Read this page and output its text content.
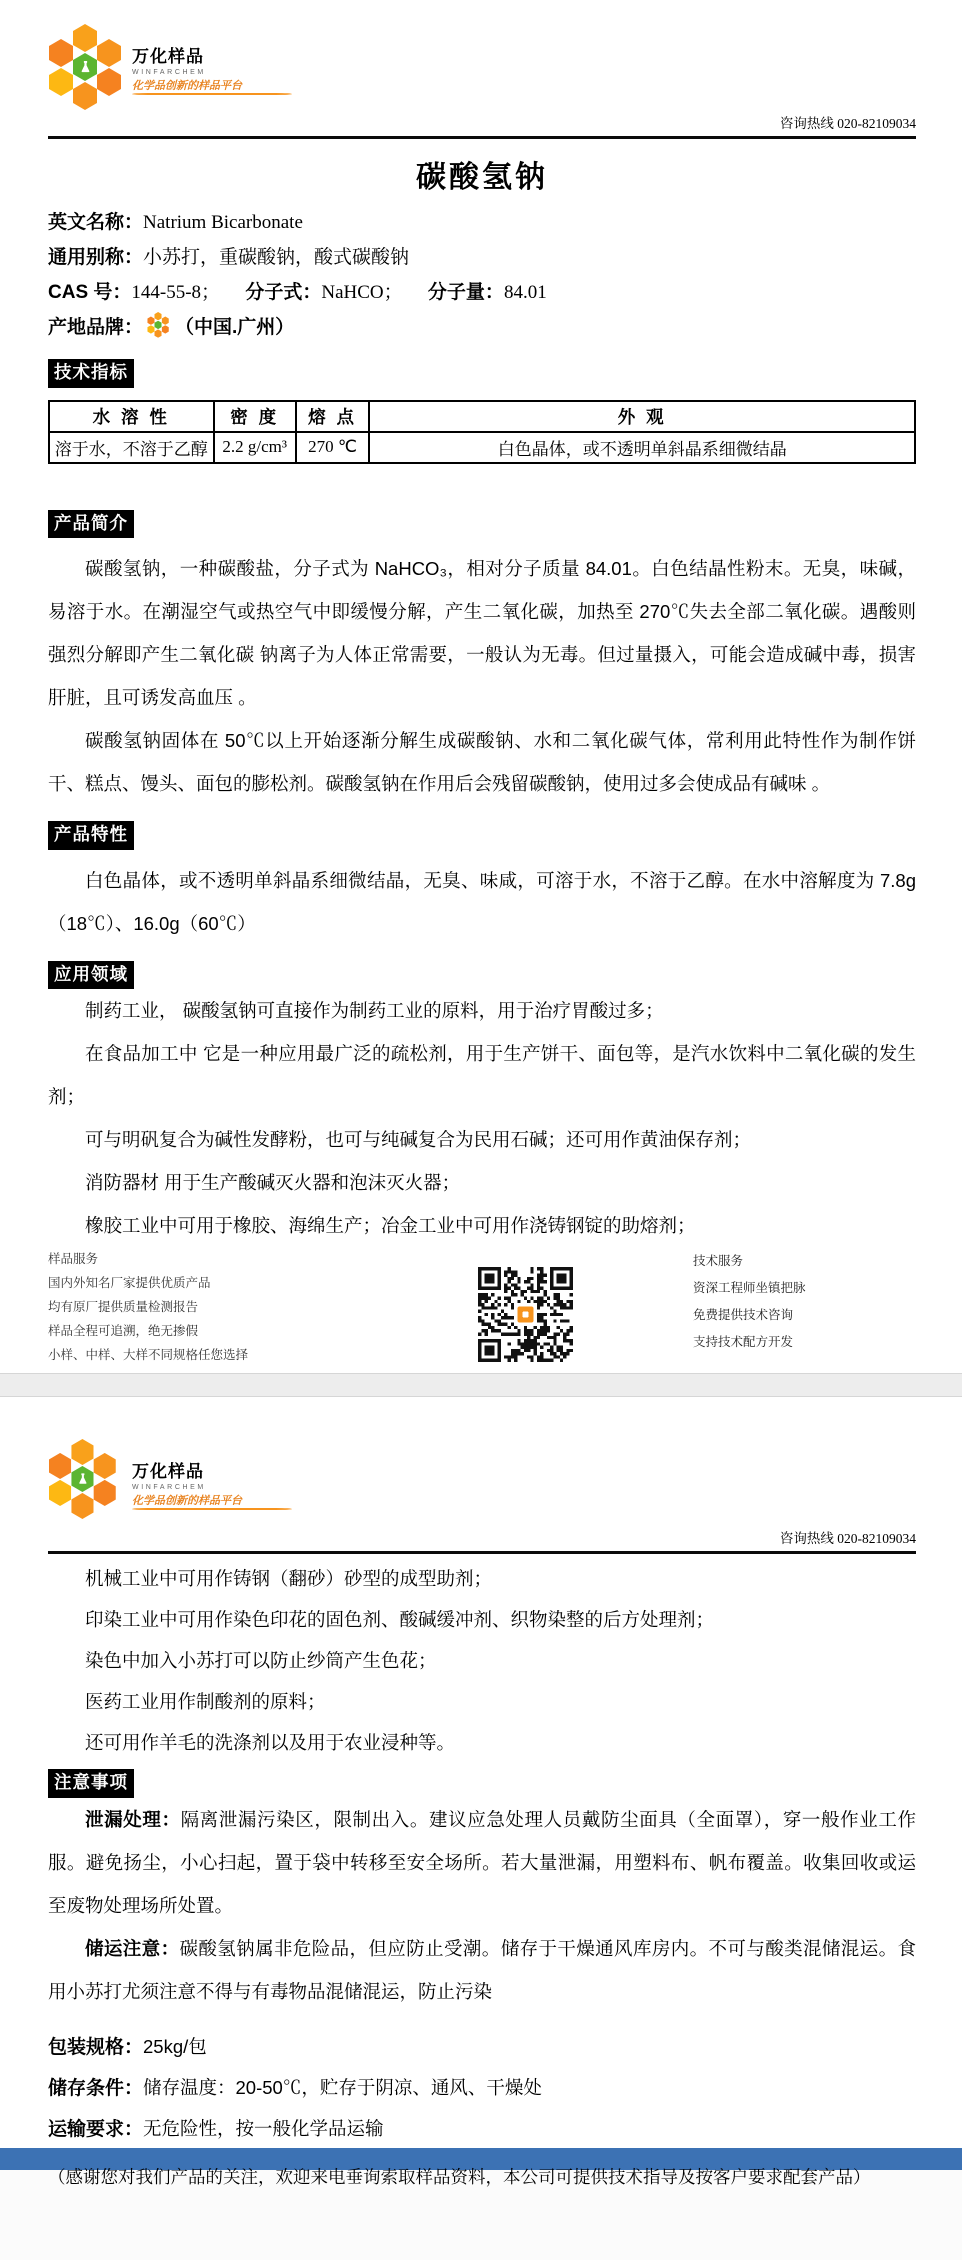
万化样品
WINFARCHEM
化学品创新的样品平台
咨询热线 020-82109034
碳酸氢钠
英文名称：Natrium Bicarbonate
通用别称：小苏打，重碳酸钠，酸式碳酸钠
CAS 号：144-55-8； 分子式：NaHCO； 分子量：84.01
产地品牌： （中国.广州）
技术指标
水 溶 性	密 度	熔 点	外 观
溶于水，不溶于乙醇	2.2 g/cm³	270 ℃	白色晶体，或不透明单斜晶系细微结晶
产品简介

碳酸氢钠，一种碳酸盐，分子式为 NaHCO₃，相对分子质量 84.01。白色结晶性粉末。无臭，味碱，易溶于水。在潮湿空气或热空气中即缓慢分解，产生二氧化碳，加热至 270℃失去全部二氧化碳。遇酸则强烈分解即产生二氧化碳 钠离子为人体正常需要，一般认为无毒。但过量摄入，可能会造成碱中毒，损害肝脏，且可诱发高血压 。

碳酸氢钠固体在 50℃以上开始逐渐分解生成碳酸钠、水和二氧化碳气体，常利用此特性作为制作饼干、糕点、馒头、面包的膨松剂。碳酸氢钠在作用后会残留碳酸钠，使用过多会使成品有碱味 。

产品特性

白色晶体，或不透明单斜晶系细微结晶，无臭、味咸，可溶于水，不溶于乙醇。在水中溶解度为 7.8g（18℃）、16.0g（60℃）

应用领域

制药工业， 碳酸氢钠可直接作为制药工业的原料，用于治疗胃酸过多；

在食品加工中 它是一种应用最广泛的疏松剂，用于生产饼干、面包等，是汽水饮料中二氧化碳的发生剂；

可与明矾复合为碱性发酵粉，也可与纯碱复合为民用石碱；还可用作黄油保存剂；

消防器材 用于生产酸碱灭火器和泡沫灭火器；

橡胶工业中可用于橡胶、海绵生产；冶金工业中可用作浇铸钢锭的助熔剂；

样品服务
国内外知名厂家提供优质产品
均有原厂提供质量检测报告
样品全程可追溯，绝无掺假
小样、中样、大样不同规格任您选择
技术服务
资深工程师坐镇把脉
免费提供技术咨询
支持技术配方开发
万化样品
WINFARCHEM
化学品创新的样品平台
咨询热线 020-82109034

机械工业中可用作铸钢（翻砂）砂型的成型助剂；

印染工业中可用作染色印花的固色剂、酸碱缓冲剂、织物染整的后方处理剂；

染色中加入小苏打可以防止纱筒产生色花；

医药工业用作制酸剂的原料；

还可用作羊毛的洗涤剂以及用于农业浸种等。

注意事项

泄漏处理：隔离泄漏污染区，限制出入。建议应急处理人员戴防尘面具（全面罩），穿一般作业工作服。避免扬尘，小心扫起，置于袋中转移至安全场所。若大量泄漏，用塑料布、帆布覆盖。收集回收或运至废物处理场所处置。

储运注意：碳酸氢钠属非危险品，但应防止受潮。储存于干燥通风库房内。不可与酸类混储混运。食用小苏打尤须注意不得与有毒物品混储混运，防止污染

包装规格：25kg/包

储存条件：储存温度：20-50℃，贮存于阴凉、通风、干燥处

运输要求：无危险性，按一般化学品运输

（感谢您对我们产品的关注，欢迎来电垂询索取样品资料，本公司可提供技术指导及按客户要求配套产品）
